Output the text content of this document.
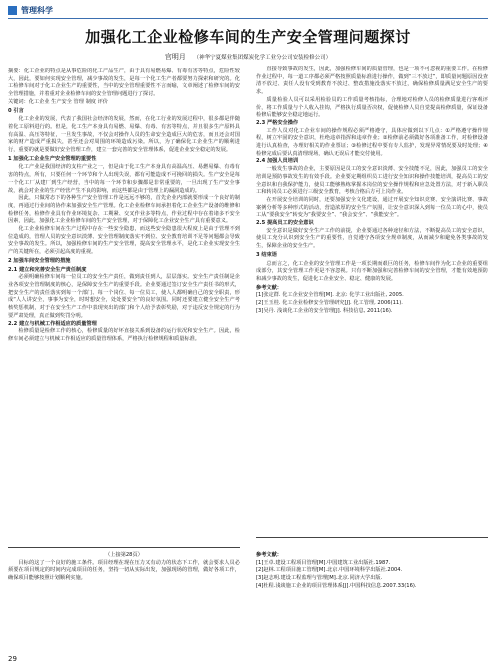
管理科学
加强化工企业检修车间的生产安全管理问题探讨
官明月 （神华宁夏煤业集团煤炭化学工业分公司安装检修公司）

摘要：化工企业的特点是从事危险的化工产品生产，由于具有易燃易爆、有毒有害等特点，危险性较大，因此，要如何实现安全管理，减少事故的发生，是每一个化工生产者都要努力探索和研究的。化工检修车间对于化工企业生产的重要性，当中的安全管理重要性不言而喻，文章阐述了检修车间的安全管理措施，并着重对企业检修车间的安全管理问题进行了探讨。

关键词：化工企业 生产安全 管理 制度 评价

0 引言

化工企业的发展，代表了我国社会经济的发展，然而，在化工行业的发展过程中，很多都是伴随着化工原料进行的。但是，化工生产本身具有易燃、易爆、有毒、有害等特点，并且很多生产原料具有高温、高压等特征，一旦发生事故，不仅会对操作人员的生命安全造成巨大的危害，而且还会对国家的财产造成严重损失，甚至还会对周围的环境造成污染。所以，为了确保化工企业生产的顺利进行，重要的就是要做好安全管理工作，建立一套完善的安全管理体系，促进企业安全稳定的发展。

1 加强化工企业生产安全管理的重要性

化工产业是我国经济的支柱产业之一，但是由于化工生产本身具有高温高压、易燃易爆、有毒有害的特点，所有，只要任何一个环节和个人出现失误，都有可能造成不可挽回的损失。生产安全是每一个化工厂从建厂到生产经营，当中的每一个环节和步骤都是非常重要的，一旦出现了生产安全事故，就会对企业的生产经营产生不良的影响，而这些都是由于管理上的漏洞造成的。

因此，只做常态下的各种生产安全管理工作是远远不够的，首先企业内部就要形成一个良好的制度，再通过行业间的协作来加强安全生产管理。化工企业检修车间承担着化工企业生产设备的维修和检修任务，检修作业具有作业环境复杂、工期紧、交叉作业多等特点，作业过程中存在着诸多不安全因素，因此，加强化工企业检修车间的生产安全管理，对于保障化工企业安全生产具有重要意义。

化工企业检修车间在生产过程中存在一些安全隐患，而这些安全隐患很大程度上是由于管理不到位造成的，管理人员的安全意识淡薄、安全管理制度落实不到位、安全教育培训不足等问题都会导致安全事故的发生。所以，加强检修车间的生产安全管理，提高安全管理水平，是化工企业实现安全生产的关键所在，必须引起高度的重视。

2 加强车间安全管理的措施

2.1 建立和完善安全生产责任制度

必须明确检修车间每一位员工的安全生产责任，做到责任到人，层层落实。安全生产责任制是企业各项安全管理制度的核心，是保障安全生产的重要手段。企业要通过签订安全生产责任书的形式，把安全生产的责任落实到每一个部门、每一个岗位、每一位员工，使人人都明确自己的安全职责，形成“人人讲安全，事事为安全，时时想安全，处处要安全”的良好氛围。同时还要建立健全安全生产考核奖惩机制，对于在安全生产工作中表现突出的部门和个人给予表彰奖励，对于违反安全规定的行为要严肃处理，真正做到奖罚分明。

2.2 建立与机械工作相适应的质量管理

检修质量是检修工作的核心，检修质量的好坏直接关系到设备的运行状况和安全生产。因此，检修车间必须建立与机械工作相适应的质量管理体系，严格执行检修规程和质量标准。

直接导致事故的发生，因此，加强检修车间的质量管理，也是一项不可忽视的重要工作。在检修作业过程中，每一道工序都必须严格按照质量标准进行操作，做到“三不放过”，即质量问题原因没查清不放过、责任人没有受到教育不放过、整改措施没落实不放过，确保检修质量满足安全生产的要求。

质量检验人员可以采用检验员的工作质量考核指标，合理地对检修人员的检修质量进行客观评价，将工作质量与个人收入挂钩，严格执行质量否决权，促使检修人员自觉提高检修质量，保证设备检修后能够安全稳定地运行。

2.3 严格安全操作

工作人员对化工企业车间的操作规程必须严格遵守，具体应做到以下几点：①严格遵守操作规程，树立牢固的安全意识，杜绝违章指挥和违章作业；②检修前必须做好各项准备工作，对检修设备进行认真检查，办理好相关的作业票证；③检修过程中要有专人监护，发现异常情况要及时处理；④检修完成后要认真清理现场，确认无误后才能交付使用。

2.4 加强人员培训

一般发生事故的企业，主要原因是员工的安全意识淡薄、安全技能不足，因此，加强员工的安全培训是预防事故发生的有效手段。企业要定期组织员工进行安全知识和操作技能培训，提高员工的安全意识和自我保护能力，使员工能够熟练掌握本岗位的安全操作规程和应急处置方法，对于新入职员工和转岗员工必须进行三级安全教育，考核合格后方可上岗作业。

在开展安全培训的同时，还要加强安全文化建设，通过开展安全知识竞赛、安全演讲比赛、事故案例分析等多种形式的活动，营造浓厚的安全生产氛围，让安全意识深入到每一位员工的心中，使员工从“要我安全”转变为“我要安全”、“我会安全”、“我能安全”。

2.5 提高员工的安全意识

安全意识是做好安全生产工作的前提，企业要通过各种途径和方法，不断提高员工的安全意识，使员工充分认识到安全生产的重要性，自觉遵守各项安全规章制度，从而减少和避免各类事故的发生，保障企业的安全生产。

3 结束语

总而言之，化工企业的安全管理工作是一项长期而艰巨的任务，检修车间作为化工企业的重要组成部分，其安全管理工作更是不容忽视。只有不断加强和完善检修车间的安全管理，才能有效地预防和减少事故的发生，促进化工企业安全、稳定、健康的发展。

参考文献：

[1]张定群. 化工企业安全管理[M]. 北京: 化学工业出版社, 2005.

[2]王玉桂. 化工企业检修安全管理研究[J]. 化工管理, 2006(11).

[3]吴丹. 浅谈化工企业的安全管理[J]. 科技信息, 2011(16).

（上接第28页）

目标的这了一个良好的施工条件。项目经理在现在压力又有动力的状态下工作，就会要求人员必须要在项目规定的时间内完成项目的任务，坚持一切从实际出发，加强现场的管理，做好各项工作，确保项目能够按照计划顺利实施。

参考文献：
[1]王卓.建设工程项目管理[M].中国建筑工业出版社.1987.
[2]赵林.工程项目施工管理[M].北京.中国环境科学出版社.2004.
[3]赵志明.建设工程监理与管理[M].北京.同济大学出版.
[4]杜程.浅谈施工企业的项目管理体系[J].中国科技信息.2007.33(16).
29
